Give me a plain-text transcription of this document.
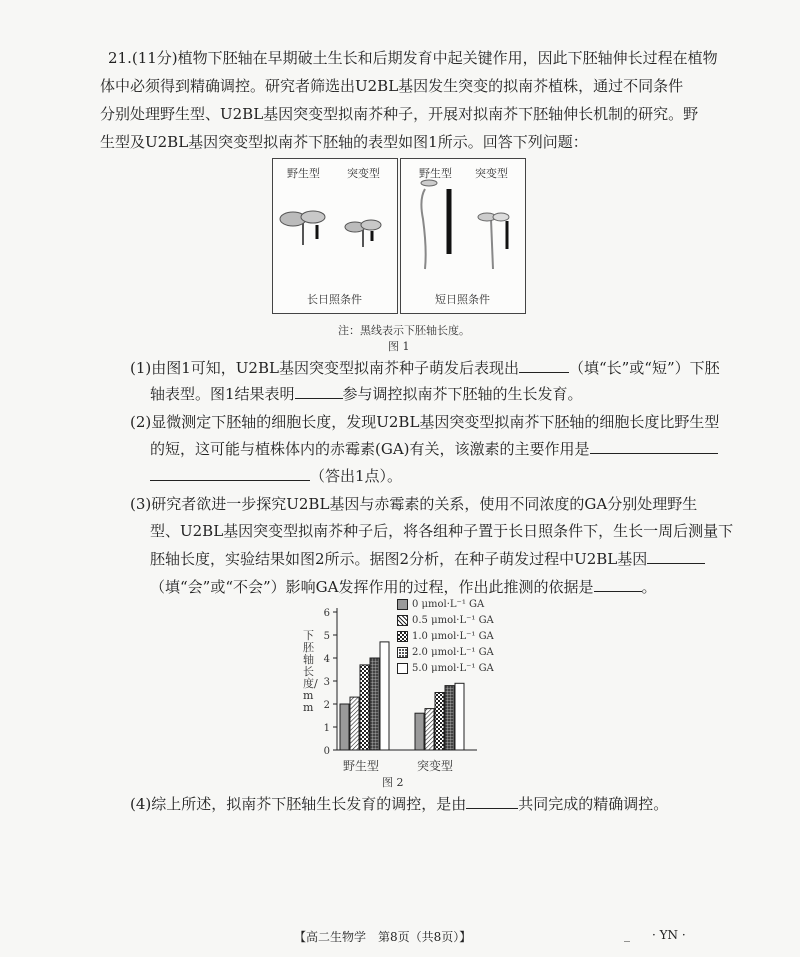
21.(11分)植物下胚轴在早期破土生长和后期发育中起关键作用，因此下胚轴伸长过程在植物
体中必须得到精确调控。研究者筛选出U2BL基因发生突变的拟南芥植株，通过不同条件
分别处理野生型、U2BL基因突变型拟南芥种子，开展对拟南芥下胚轴伸长机制的研究。野
生型及U2BL基因突变型拟南芥下胚轴的表型如图1所示。回答下列问题：
野生型 突变型
长日照条件
野生型 突变型
短日照条件
注：黑线表示下胚轴长度。
图 1
(1)由图1可知，U2BL基因突变型拟南芥种子萌发后表现出	（填“长”或“短”）下胚
轴表型。图1结果表明	参与调控拟南芥下胚轴的生长发育。
(2)显微测定下胚轴的细胞长度，发现U2BL基因突变型拟南芥下胚轴的细胞长度比野生型
的短，这可能与植株体内的赤霉素(GA)有关，该激素的主要作用是
（答出1点）。
(3)研究者欲进一步探究U2BL基因与赤霉素的关系，使用不同浓度的GA分别处理野生
型、U2BL基因突变型拟南芥种子后，将各组种子置于长日照条件下，生长一周后测量下
胚轴长度，实验结果如图2所示。据图2分析，在种子萌发过程中U2BL基因
（填“会”或“不会”）影响GA发挥作用的过程，作出此推测的依据是	。
0
1
2
3
4
5
6
0 μmol·L⁻¹ GA
0.5 μmol·L⁻¹ GA
1.0 μmol·L⁻¹ GA
2.0 μmol·L⁻¹ GA
5.0 μmol·L⁻¹ GA
下胚轴长度/mm
野生型	突变型
图 2
(4)综上所述，拟南芥下胚轴生长发育的调控，是由	共同完成的精确调控。
【高二生物学　第8页（共8页）】	_ · YN ·
